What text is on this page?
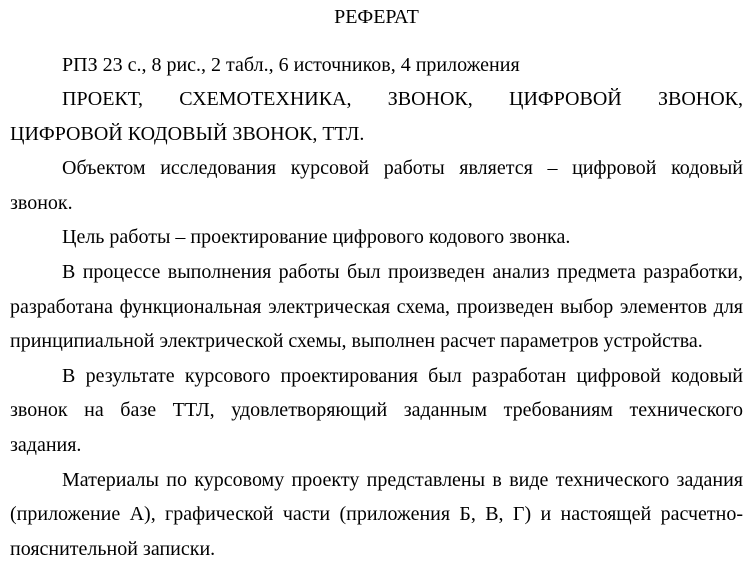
РЕФЕРАТ
РПЗ 23 с., 8 рис., 2 табл., 6 источников, 4 приложения
ПРОЕКТ, СХЕМОТЕХНИКА, ЗВОНОК, ЦИФРОВОЙ ЗВОНОК,
ЦИФРОВОЙ КОДОВЫЙ ЗВОНОК, ТТЛ.
Объектом исследования курсовой работы является – цифровой кодовый
звонок.
Цель работы – проектирование цифрового кодового звонка.
В процессе выполнения работы был произведен анализ предмета разработки,
разработана функциональная электрическая схема, произведен выбор элементов для
принципиальной электрической схемы, выполнен расчет параметров устройства.
В результате курсового проектирования был разработан цифровой кодовый
звонок на базе ТТЛ, удовлетворяющий заданным требованиям технического
задания.
Материалы по курсовому проекту представлены в виде технического задания
(приложение А), графической части (приложения Б, В, Г) и настоящей расчетно-
пояснительной записки.
